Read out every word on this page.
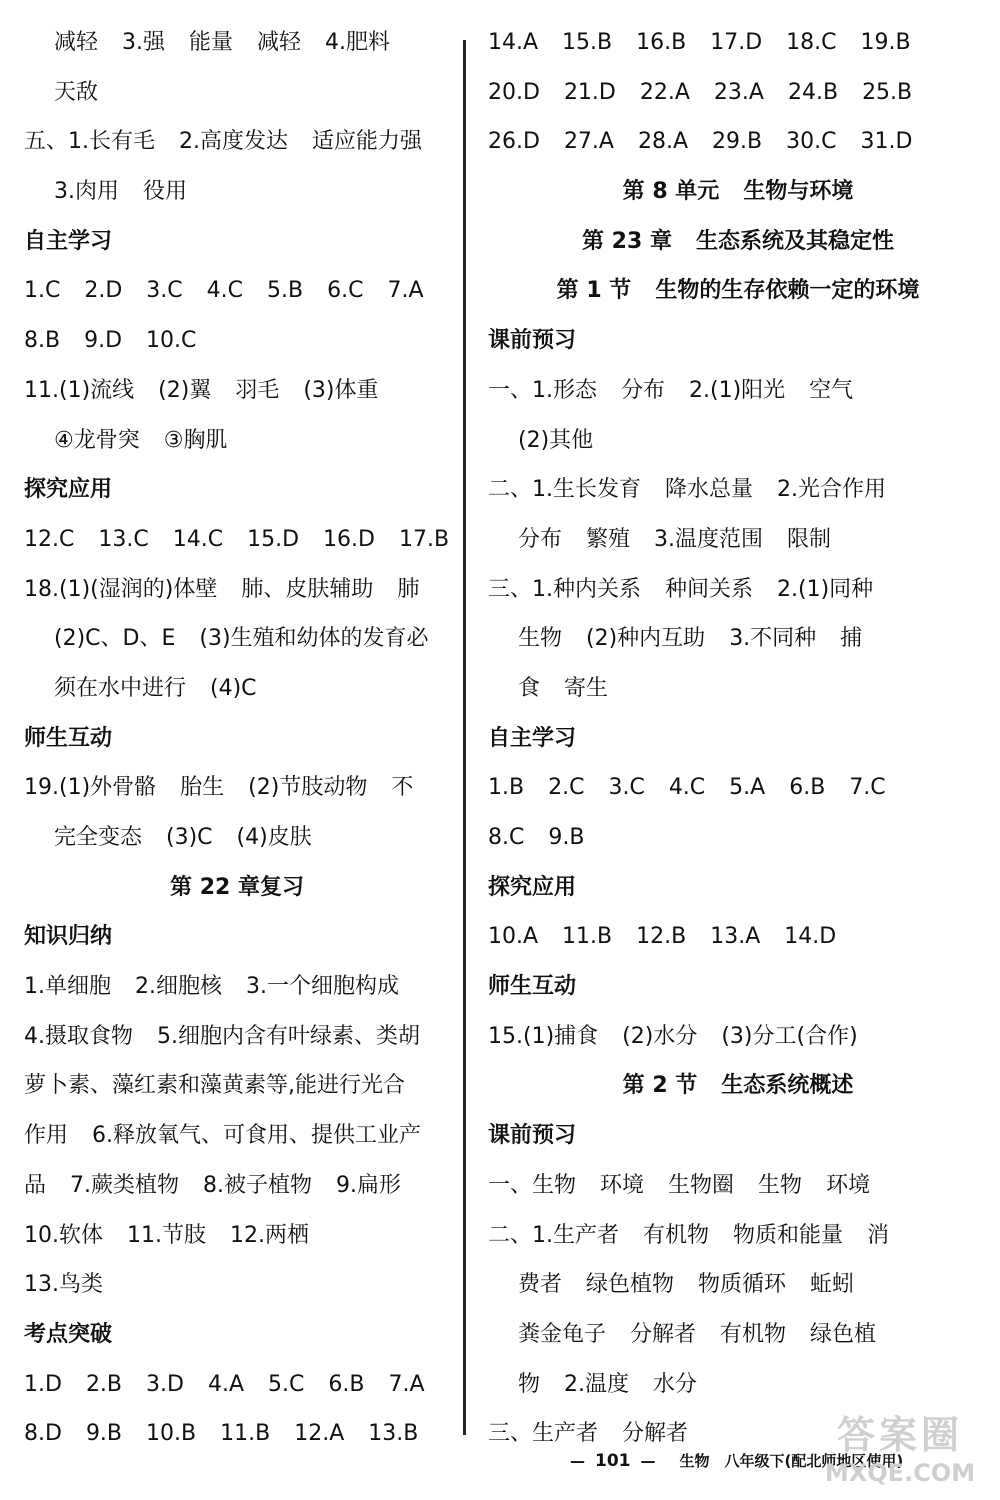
减轻 3.强 能量 减轻 4.肥料
天敌
五、1.长有毛 2.高度发达 适应能力强
3.肉用 役用
自主学习
1.C 2.D 3.C 4.C 5.B 6.C 7.A
8.B 9.D 10.C
11.(1)流线 (2)翼 羽毛 (3)体重
④龙骨突 ③胸肌
探究应用
12.C 13.C 14.C 15.D 16.D 17.B
18.(1)(湿润的)体壁 肺、皮肤辅助 肺
(2)C、D、E (3)生殖和幼体的发育必
须在水中进行 (4)C
师生互动
19.(1)外骨骼 胎生 (2)节肢动物 不
完全变态 (3)C (4)皮肤
第 22 章复习
知识归纳
1.单细胞 2.细胞核 3.一个细胞构成
4.摄取食物 5.细胞内含有叶绿素、类胡
萝卜素、藻红素和藻黄素等,能进行光合
作用 6.释放氧气、可食用、提供工业产
品 7.蕨类植物 8.被子植物 9.扁形
10.软体 11.节肢 12.两栖
13.鸟类
考点突破
1.D 2.B 3.D 4.A 5.C 6.B 7.A
8.D 9.B 10.B 11.B 12.A 13.B
14.A 15.B 16.B 17.D 18.C 19.B
20.D 21.D 22.A 23.A 24.B 25.B
26.D 27.A 28.A 29.B 30.C 31.D
第 8 单元 生物与环境
第 23 章 生态系统及其稳定性
第 1 节 生物的生存依赖一定的环境
课前预习
一、1.形态 分布 2.(1)阳光 空气
(2)其他
二、1.生长发育 降水总量 2.光合作用
分布 繁殖 3.温度范围 限制
三、1.种内关系 种间关系 2.(1)同种
生物 (2)种内互助 3.不同种 捕
食 寄生
自主学习
1.B 2.C 3.C 4.C 5.A 6.B 7.C
8.C 9.B
探究应用
10.A 11.B 12.B 13.A 14.D
师生互动
15.(1)捕食 (2)水分 (3)分工(合作)
第 2 节 生态系统概述
课前预习
一、生物 环境 生物圈 生物 环境
二、1.生产者 有机物 物质和能量 消
费者 绿色植物 物质循环 蚯蚓
粪金龟子 分解者 有机物 绿色植
物 2.温度 水分
三、生产者 分解者
— 101 — 生物　八年级下(配北师地区使用)
答案圈
MXQE.COM
